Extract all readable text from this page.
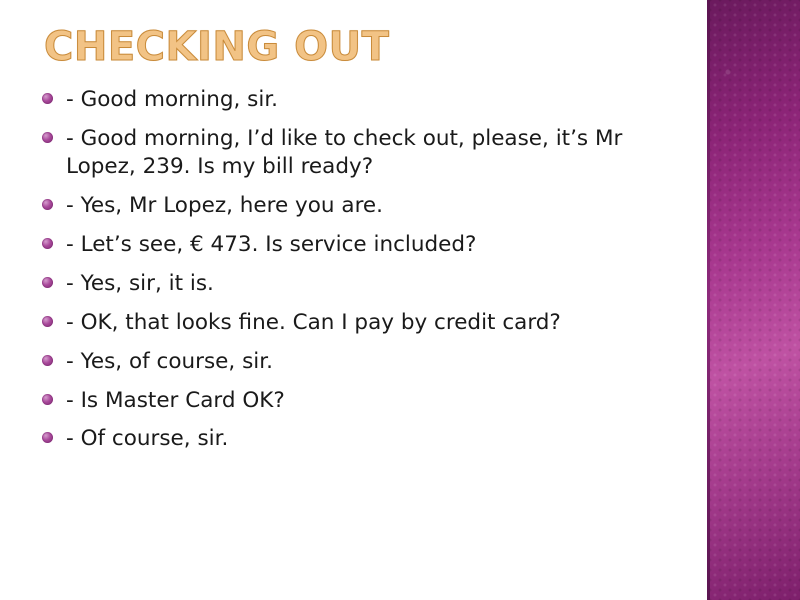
CHECKING OUT
- Good morning, sir.
- Good morning, I’d like to check out, please, it’s Mr Lopez, 239. Is my bill ready?
- Yes, Mr Lopez, here you are.
- Let’s see, € 473. Is service included?
- Yes, sir, it is.
- OK, that looks fine. Can I pay by credit card?
- Yes, of course, sir.
- Is Master Card OK?
- Of course, sir.
